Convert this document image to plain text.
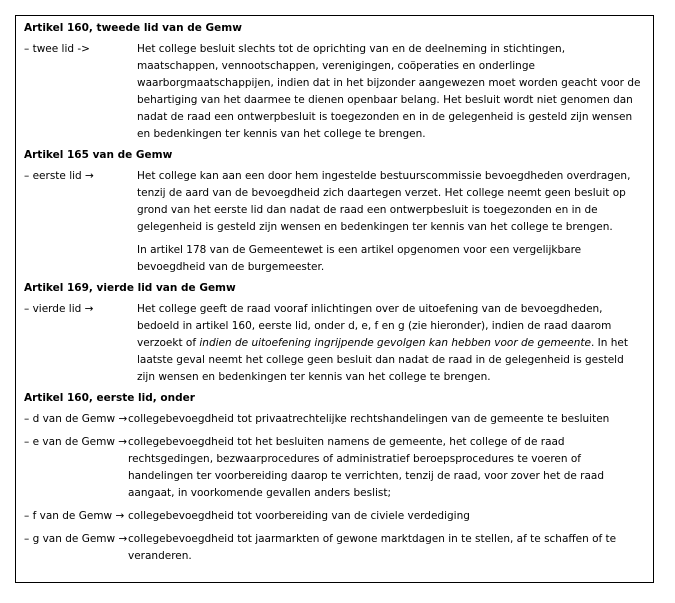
Artikel 160, tweede lid van de Gemw
– twee lid ->	Het college besluit slechts tot de oprichting van en de deelneming in stichtingen, maatschappen, vennootschappen, verenigingen, coöperaties en onderlinge waarborgmaatschappijen, indien dat in het bijzonder aangewezen moet worden geacht voor de behartiging van het daarmee te dienen openbaar belang. Het besluit wordt niet genomen dan nadat de raad een ontwerpbesluit is toegezonden en in de gelegenheid is gesteld zijn wensen en bedenkingen ter kennis van het college te brengen.
Artikel 165 van de Gemw
– eerste lid →	Het college kan aan een door hem ingestelde bestuurscommissie bevoegdheden overdragen, tenzij de aard van de bevoegdheid zich daartegen verzet. Het college neemt geen besluit op grond van het eerste lid dan nadat de raad een ontwerpbesluit is toegezonden en in de gelegenheid is gesteld zijn wensen en bedenkingen ter kennis van het college te brengen.
In artikel 178 van de Gemeentewet is een artikel opgenomen voor een vergelijkbare bevoegdheid van de burgemeester.
Artikel 169, vierde lid van de Gemw
– vierde lid →	Het college geeft de raad vooraf inlichtingen over de uitoefening van de bevoegdheden, bedoeld in artikel 160, eerste lid, onder d, e, f en g (zie hieronder), indien de raad daarom verzoekt of indien de uitoefening ingrijpende gevolgen kan hebben voor de gemeente. In het laatste geval neemt het college geen besluit dan nadat de raad in de gelegenheid is gesteld zijn wensen en bedenkingen ter kennis van het college te brengen.
Artikel 160, eerste lid, onder
– d van de Gemw → collegebevoegdheid tot privaatrechtelijke rechtshandelingen van de gemeente te besluiten
– e van de Gemw → collegebevoegdheid tot het besluiten namens de gemeente, het college of de raad rechtsgedingen, bezwaarprocedures of administratief beroepsprocedures te voeren of handelingen ter voorbereiding daarop te verrichten, tenzij de raad, voor zover het de raad aangaat, in voorkomende gevallen anders beslist;
– f van de Gemw → collegebevoegdheid tot voorbereiding van de civiele verdediging
– g van de Gemw → collegebevoegdheid tot jaarmarkten of gewone marktdagen in te stellen, af te schaffen of te veranderen.
